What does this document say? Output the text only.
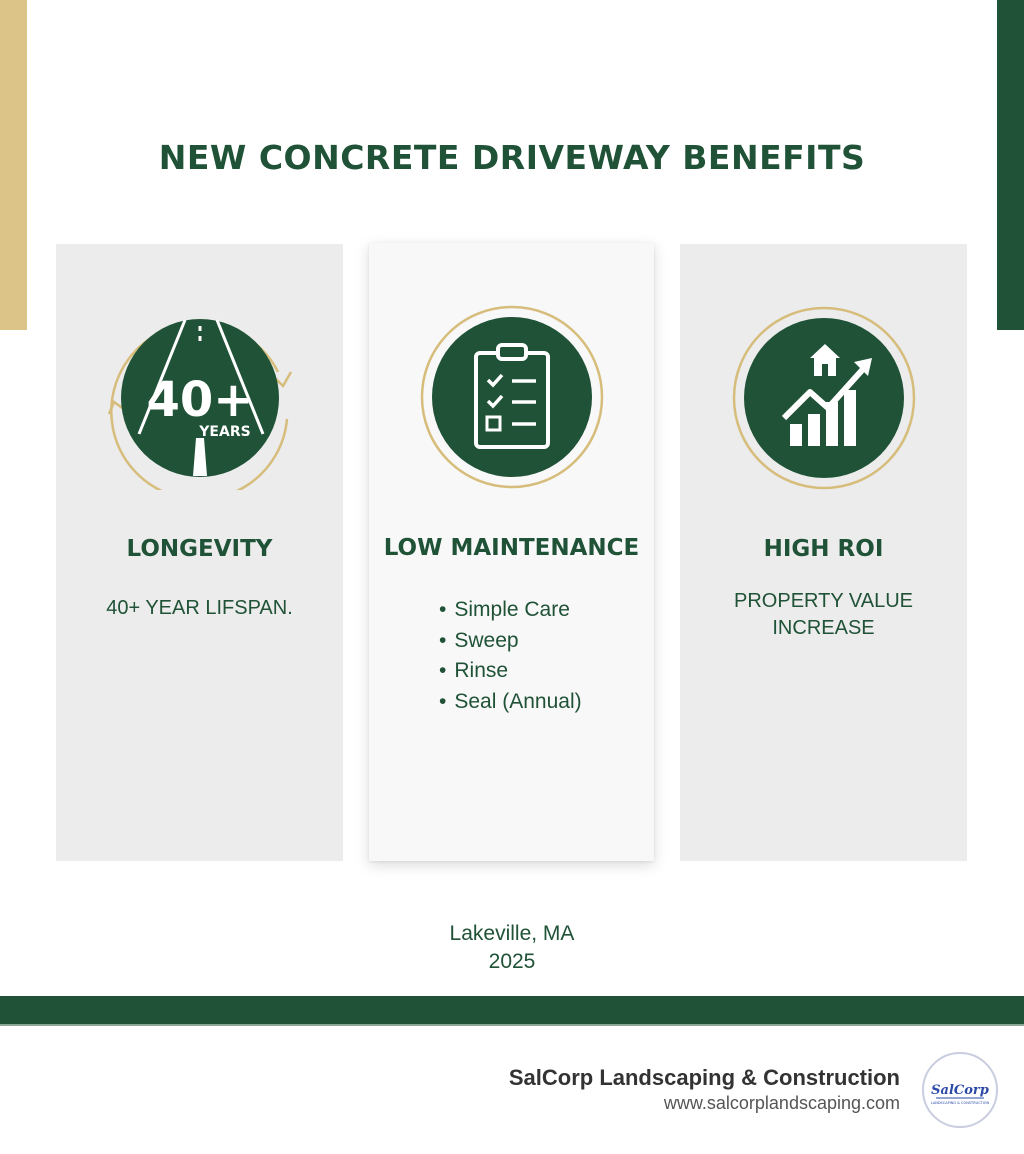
NEW CONCRETE DRIVEWAY BENEFITS
40+
YEARS
LONGEVITY
40+ YEAR LIFSPAN.
LOW MAINTENANCE
• Simple Care
• Sweep
• Rinse
• Seal (Annual)
HIGH ROI
PROPERTY VALUE
INCREASE
Lakeville, MA
2025
SalCorp Landscaping & Construction
www.salcorplandscaping.com
SalCorp
LANDSCAPING & CONSTRUCTION
